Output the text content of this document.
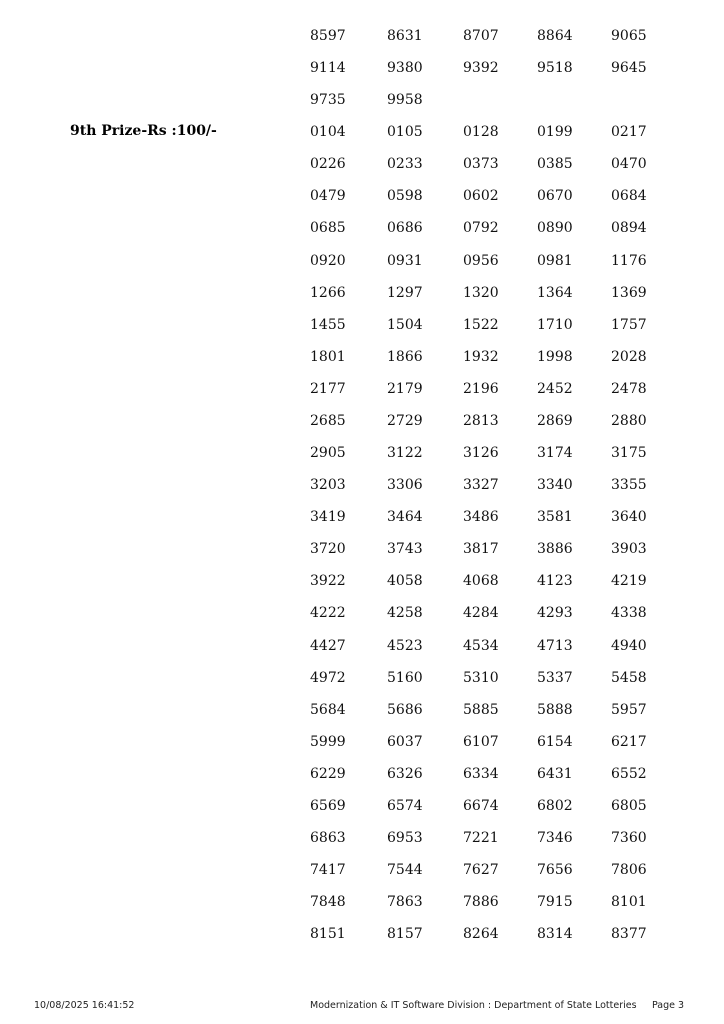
9th Prize-Rs :100/-
8597	8631	8707	8864	9065
9114	9380	9392	9518	9645
9735	9958
0104	0105	0128	0199	0217
0226	0233	0373	0385	0470
0479	0598	0602	0670	0684
0685	0686	0792	0890	0894
0920	0931	0956	0981	1176
1266	1297	1320	1364	1369
1455	1504	1522	1710	1757
1801	1866	1932	1998	2028
2177	2179	2196	2452	2478
2685	2729	2813	2869	2880
2905	3122	3126	3174	3175
3203	3306	3327	3340	3355
3419	3464	3486	3581	3640
3720	3743	3817	3886	3903
3922	4058	4068	4123	4219
4222	4258	4284	4293	4338
4427	4523	4534	4713	4940
4972	5160	5310	5337	5458
5684	5686	5885	5888	5957
5999	6037	6107	6154	6217
6229	6326	6334	6431	6552
6569	6574	6674	6802	6805
6863	6953	7221	7346	7360
7417	7544	7627	7656	7806
7848	7863	7886	7915	8101
8151	8157	8264	8314	8377
10/08/2025 16:41:52	Modernization & IT Software Division : Department of State Lotteries Page 3
